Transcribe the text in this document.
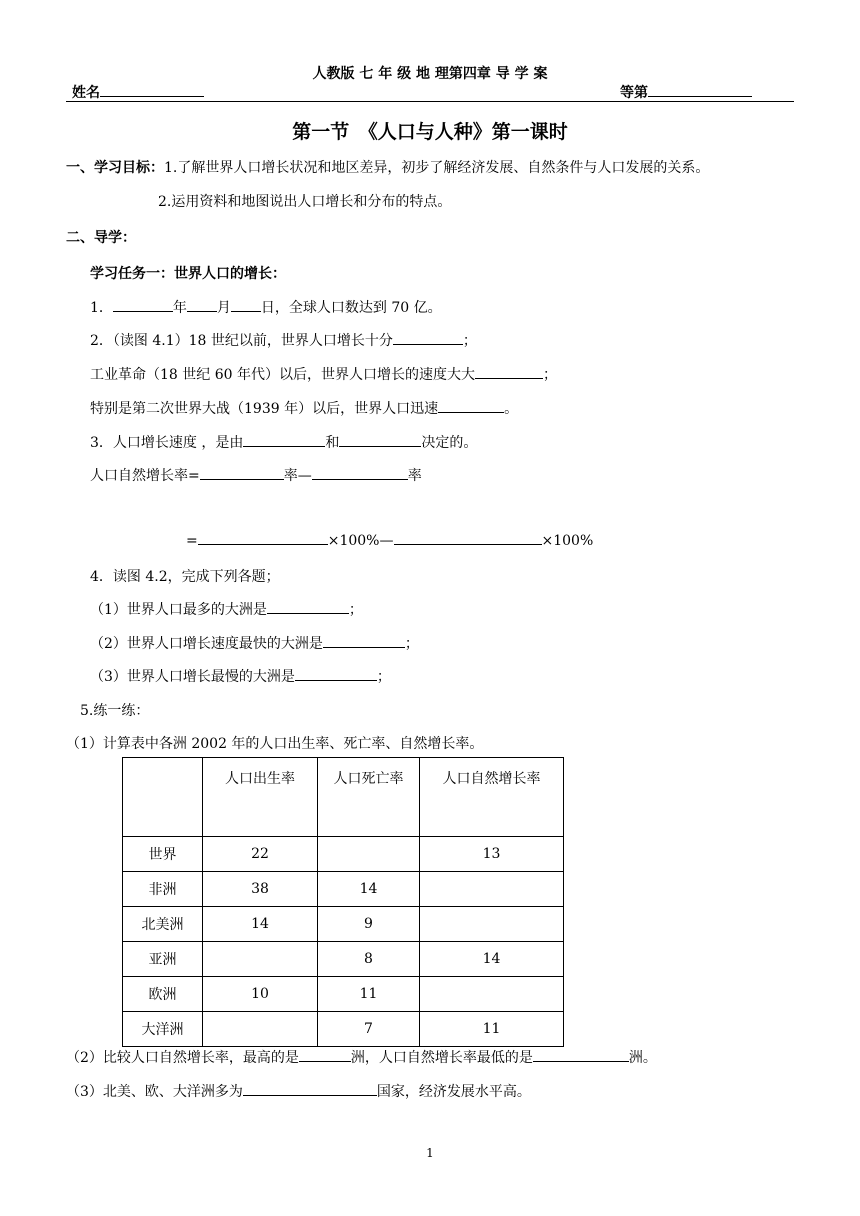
人教版 七 年 级 地 理第四章 导 学 案
姓名	等第
第一节　《人口与人种》第一课时
一、学习目标：1.了解世界人口增长状况和地区差异，初步了解经济发展、自然条件与人口发展的关系。
2.运用资料和地图说出人口增长和分布的特点。
二、导学：
学习任务一：世界人口的增长：
1．	年 月 日，全球人口数达到 70 亿。
2．（读图 4.1）18 世纪以前，世界人口增长十分	；
工业革命（18 世纪 60 年代）以后，世界人口增长的速度大大	；
特别是第二次世界大战（1939 年）以后，世界人口迅速	。
3．人口增长速度 ，是由	和	决定的。
人口自然增长率=	率—	率
=	×100%—	×100%
4．读图 4.2，完成下列各题；
（1）世界人口最多的大洲是	；
（2）世界人口增长速度最快的大洲是	；
（3）世界人口增长最慢的大洲是	；
5.练一练：
（1）计算表中各洲 2002 年的人口出生率、死亡率、自然增长率。
	人口出生率	人口死亡率	人口自然增长率
世界	22		13
非洲	38	14	
北美洲	14	9	
亚洲		8	14
欧洲	10	11	
大洋洲		7	11
（2）比较人口自然增长率，最高的是	洲，人口自然增长率最低的是	洲。
（3）北美、欧、大洋洲多为	国家，经济发展水平高。
1
